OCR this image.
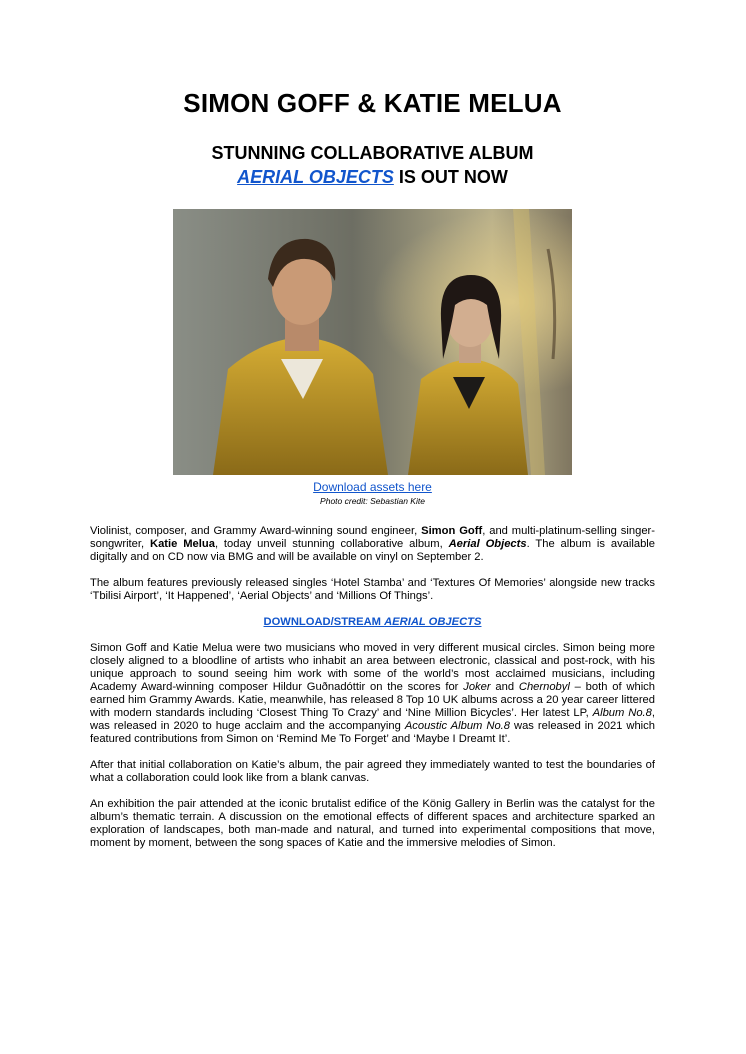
SIMON GOFF & KATIE MELUA
STUNNING COLLABORATIVE ALBUM
AERIAL OBJECTS IS OUT NOW
Download assets here
Photo credit: Sebastian Kite

Violinist, composer, and Grammy Award-winning sound engineer, Simon Goff, and multi-platinum-selling singer-songwriter, Katie Melua, today unveil stunning collaborative album, Aerial Objects. The album is available digitally and on CD now via BMG and will be available on vinyl on September 2.

The album features previously released singles ‘Hotel Stamba’ and ‘Textures Of Memories’ alongside new tracks ‘Tbilisi Airport’, ‘It Happened’, ‘Aerial Objects’ and ‘Millions Of Things’.

DOWNLOAD/STREAM AERIAL OBJECTS

Simon Goff and Katie Melua were two musicians who moved in very different musical circles. Simon being more closely aligned to a bloodline of artists who inhabit an area between electronic, classical and post-rock, with his unique approach to sound seeing him work with some of the world’s most acclaimed musicians, including Academy Award-winning composer Hildur Guðnadóttir on the scores for Joker and Chernobyl – both of which earned him Grammy Awards. Katie, meanwhile, has released 8 Top 10 UK albums across a 20 year career littered with modern standards including ‘Closest Thing To Crazy’ and ‘Nine Million Bicycles’. Her latest LP, Album No.8, was released in 2020 to huge acclaim and the accompanying Acoustic Album No.8 was released in 2021 which featured contributions from Simon on ‘Remind Me To Forget’ and ‘Maybe I Dreamt It’.

After that initial collaboration on Katie’s album, the pair agreed they immediately wanted to test the boundaries of what a collaboration could look like from a blank canvas.

An exhibition the pair attended at the iconic brutalist edifice of the König Gallery in Berlin was the catalyst for the album’s thematic terrain. A discussion on the emotional effects of different spaces and architecture sparked an exploration of landscapes, both man-made and natural, and turned into experimental compositions that move, moment by moment, between the song spaces of Katie and the immersive melodies of Simon.
